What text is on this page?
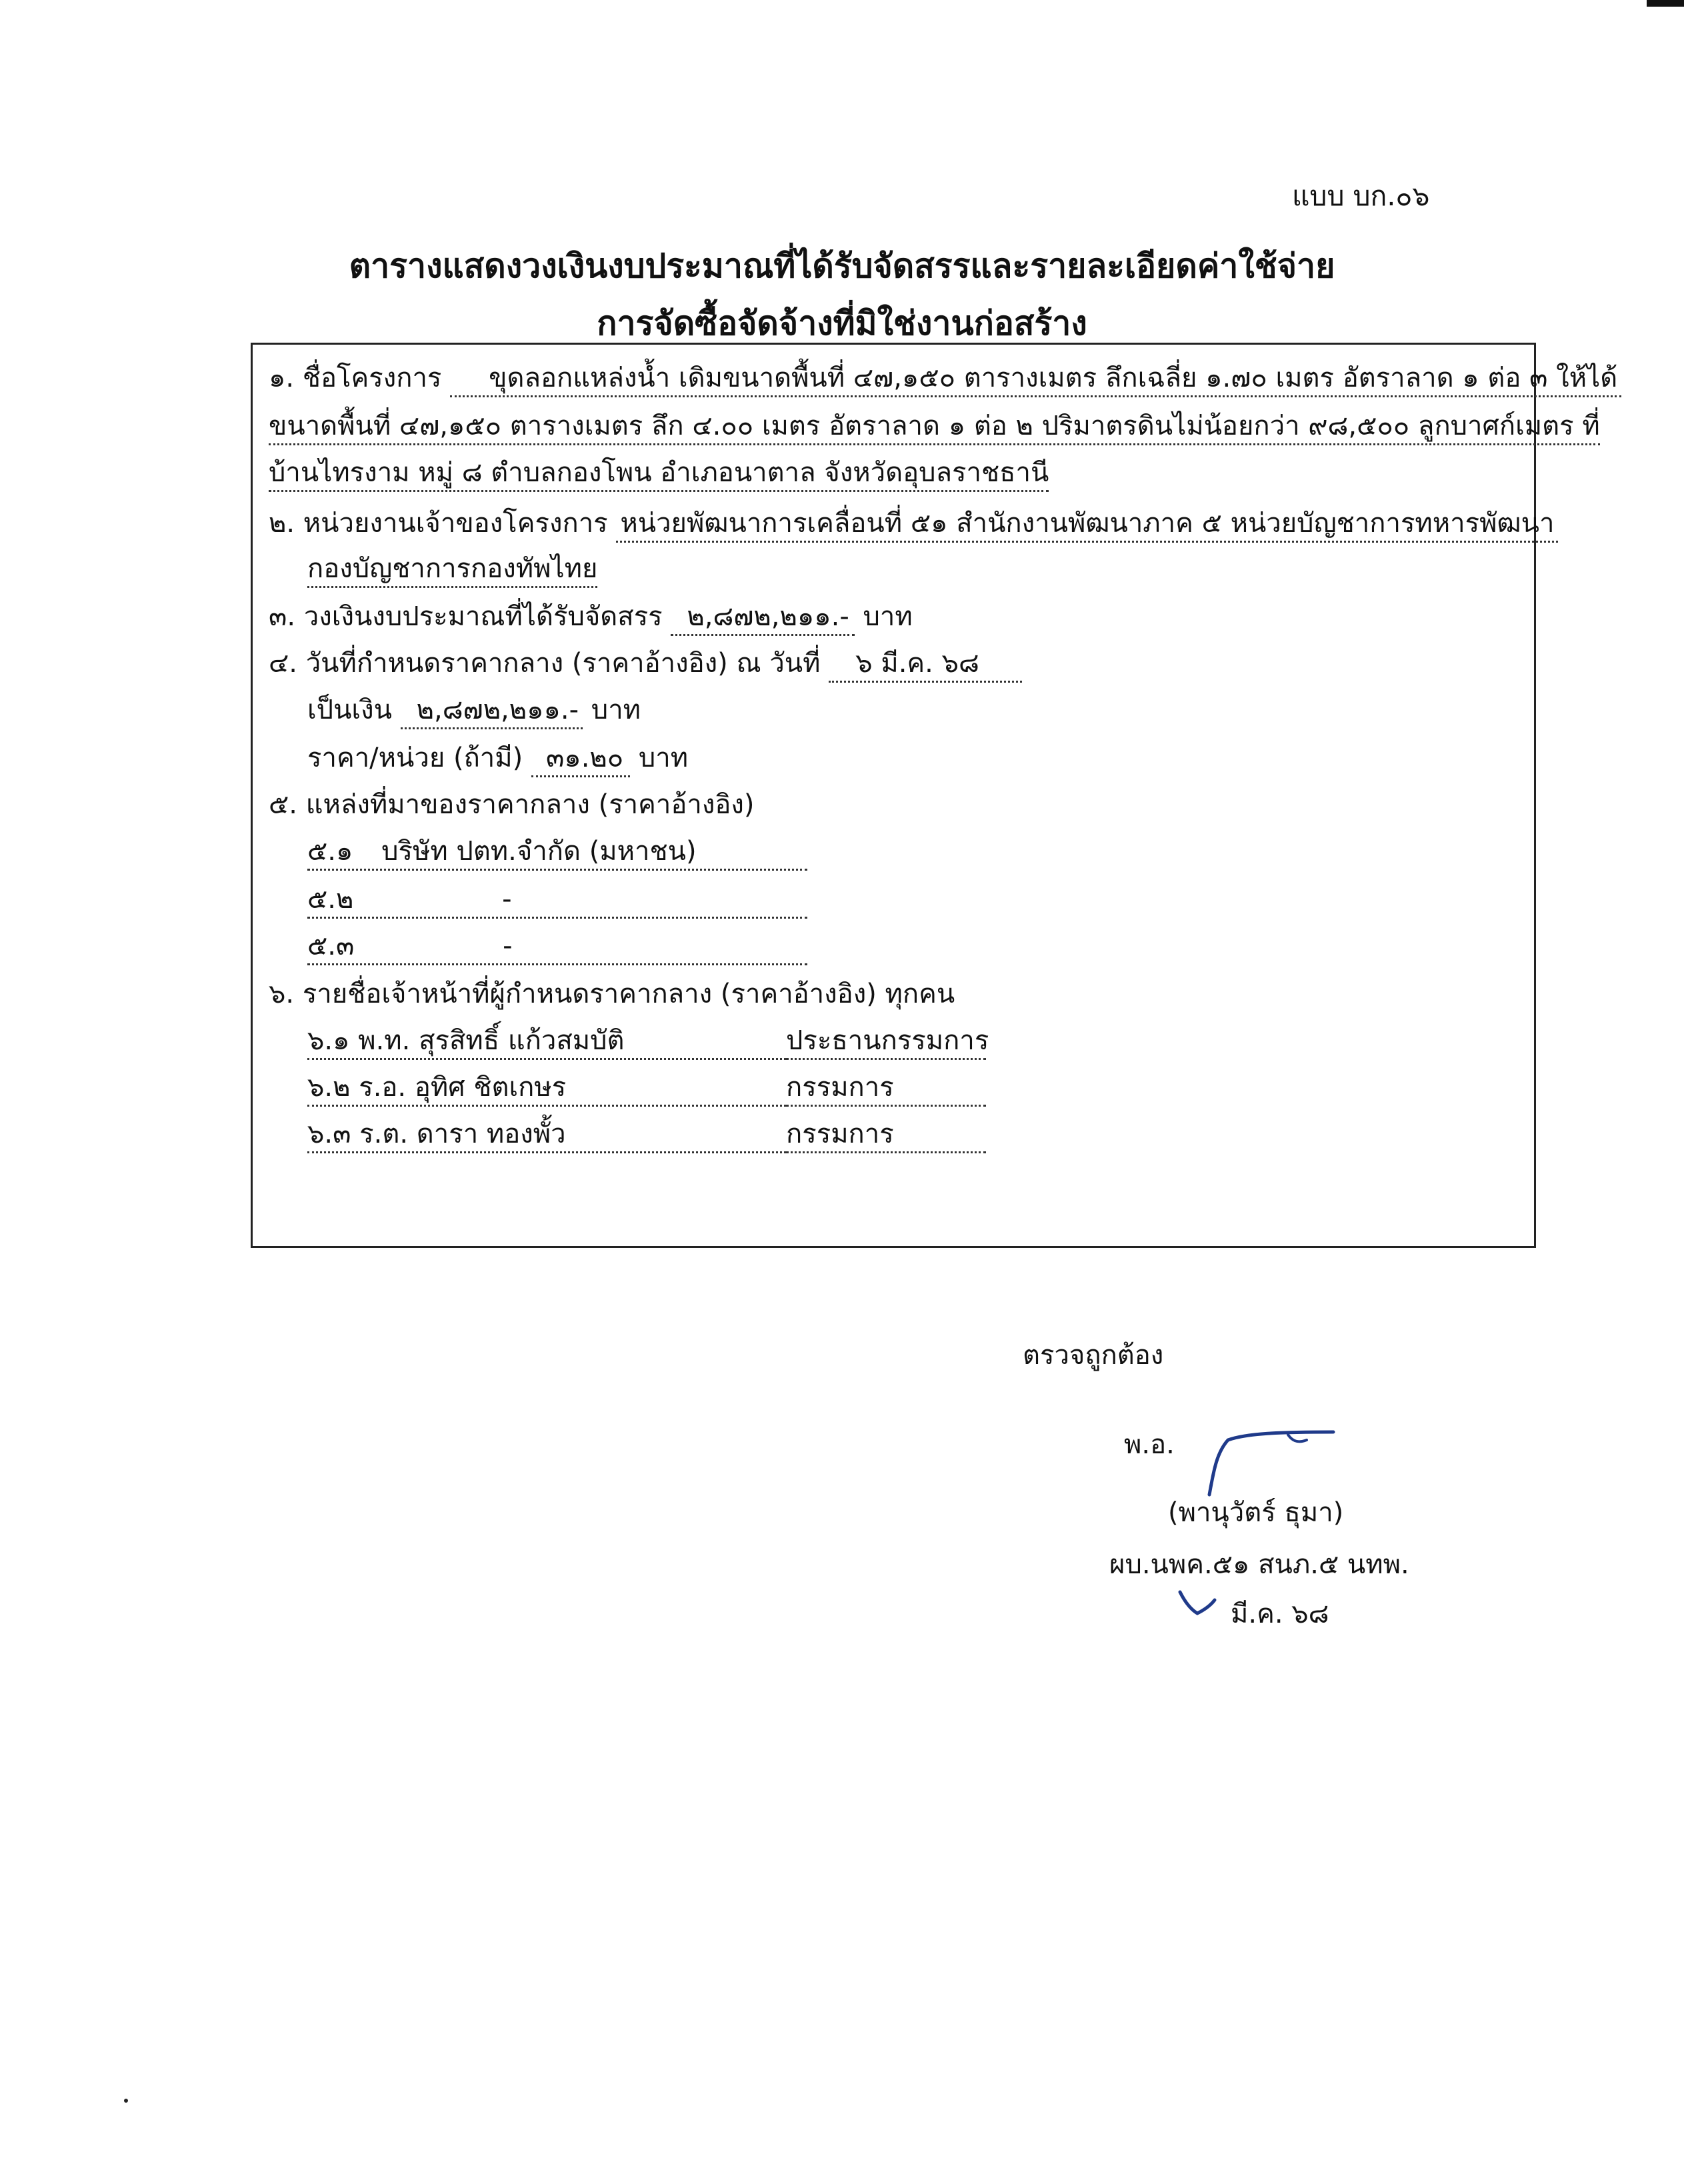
แบบ บก.๐๖
ตารางแสดงวงเงินงบประมาณที่ได้รับจัดสรรและรายละเอียดค่าใช้จ่าย
การจัดซื้อจัดจ้างที่มิใช่งานก่อสร้าง
๑. ชื่อโครงการ ขุดลอกแหล่งน้ำ เดิมขนาดพื้นที่ ๔๗,๑๕๐ ตารางเมตร ลึกเฉลี่ย ๑.๗๐ เมตร อัตราลาด ๑ ต่อ ๓ ให้ได้
ขนาดพื้นที่ ๔๗,๑๕๐ ตารางเมตร ลึก ๔.๐๐ เมตร อัตราลาด ๑ ต่อ ๒ ปริมาตรดินไม่น้อยกว่า ๙๘,๕๐๐ ลูกบาศก์เมตร ที่
บ้านไทรงาม หมู่ ๘ ตำบลกองโพน อำเภอนาตาล จังหวัดอุบลราชธานี
๒. หน่วยงานเจ้าของโครงการ หน่วยพัฒนาการเคลื่อนที่ ๕๑ สำนักงานพัฒนาภาค ๕ หน่วยบัญชาการทหารพัฒนา
กองบัญชาการกองทัพไทย
๓. วงเงินงบประมาณที่ได้รับจัดสรร ๒,๘๗๒,๒๑๑.- บาท
๔. วันที่กำหนดราคากลาง (ราคาอ้างอิง) ณ วันที่ ๖ มี.ค. ๖๘
เป็นเงิน ๒,๘๗๒,๒๑๑.- บาท
ราคา/หน่วย (ถ้ามี) ๓๑.๒๐ บาท
๕. แหล่งที่มาของราคากลาง (ราคาอ้างอิง)
๕.๑ บริษัท ปตท.จำกัด (มหาชน)
๕.๒	-
๕.๓	-
๖. รายชื่อเจ้าหน้าที่ผู้กำหนดราคากลาง (ราคาอ้างอิง) ทุกคน
๖.๑ พ.ท. สุรสิทธิ์ แก้วสมบัติ	ประธานกรรมการ
๖.๒ ร.อ. อุทิศ ชิตเกษร	กรรมการ
๖.๓ ร.ต. ดารา ทองพั้ว	กรรมการ
ตรวจถูกต้อง
พ.อ.
(พานุวัตร์ ธุมา)
ผบ.นพค.๕๑ สนภ.๕ นทพ.
มี.ค. ๖๘
